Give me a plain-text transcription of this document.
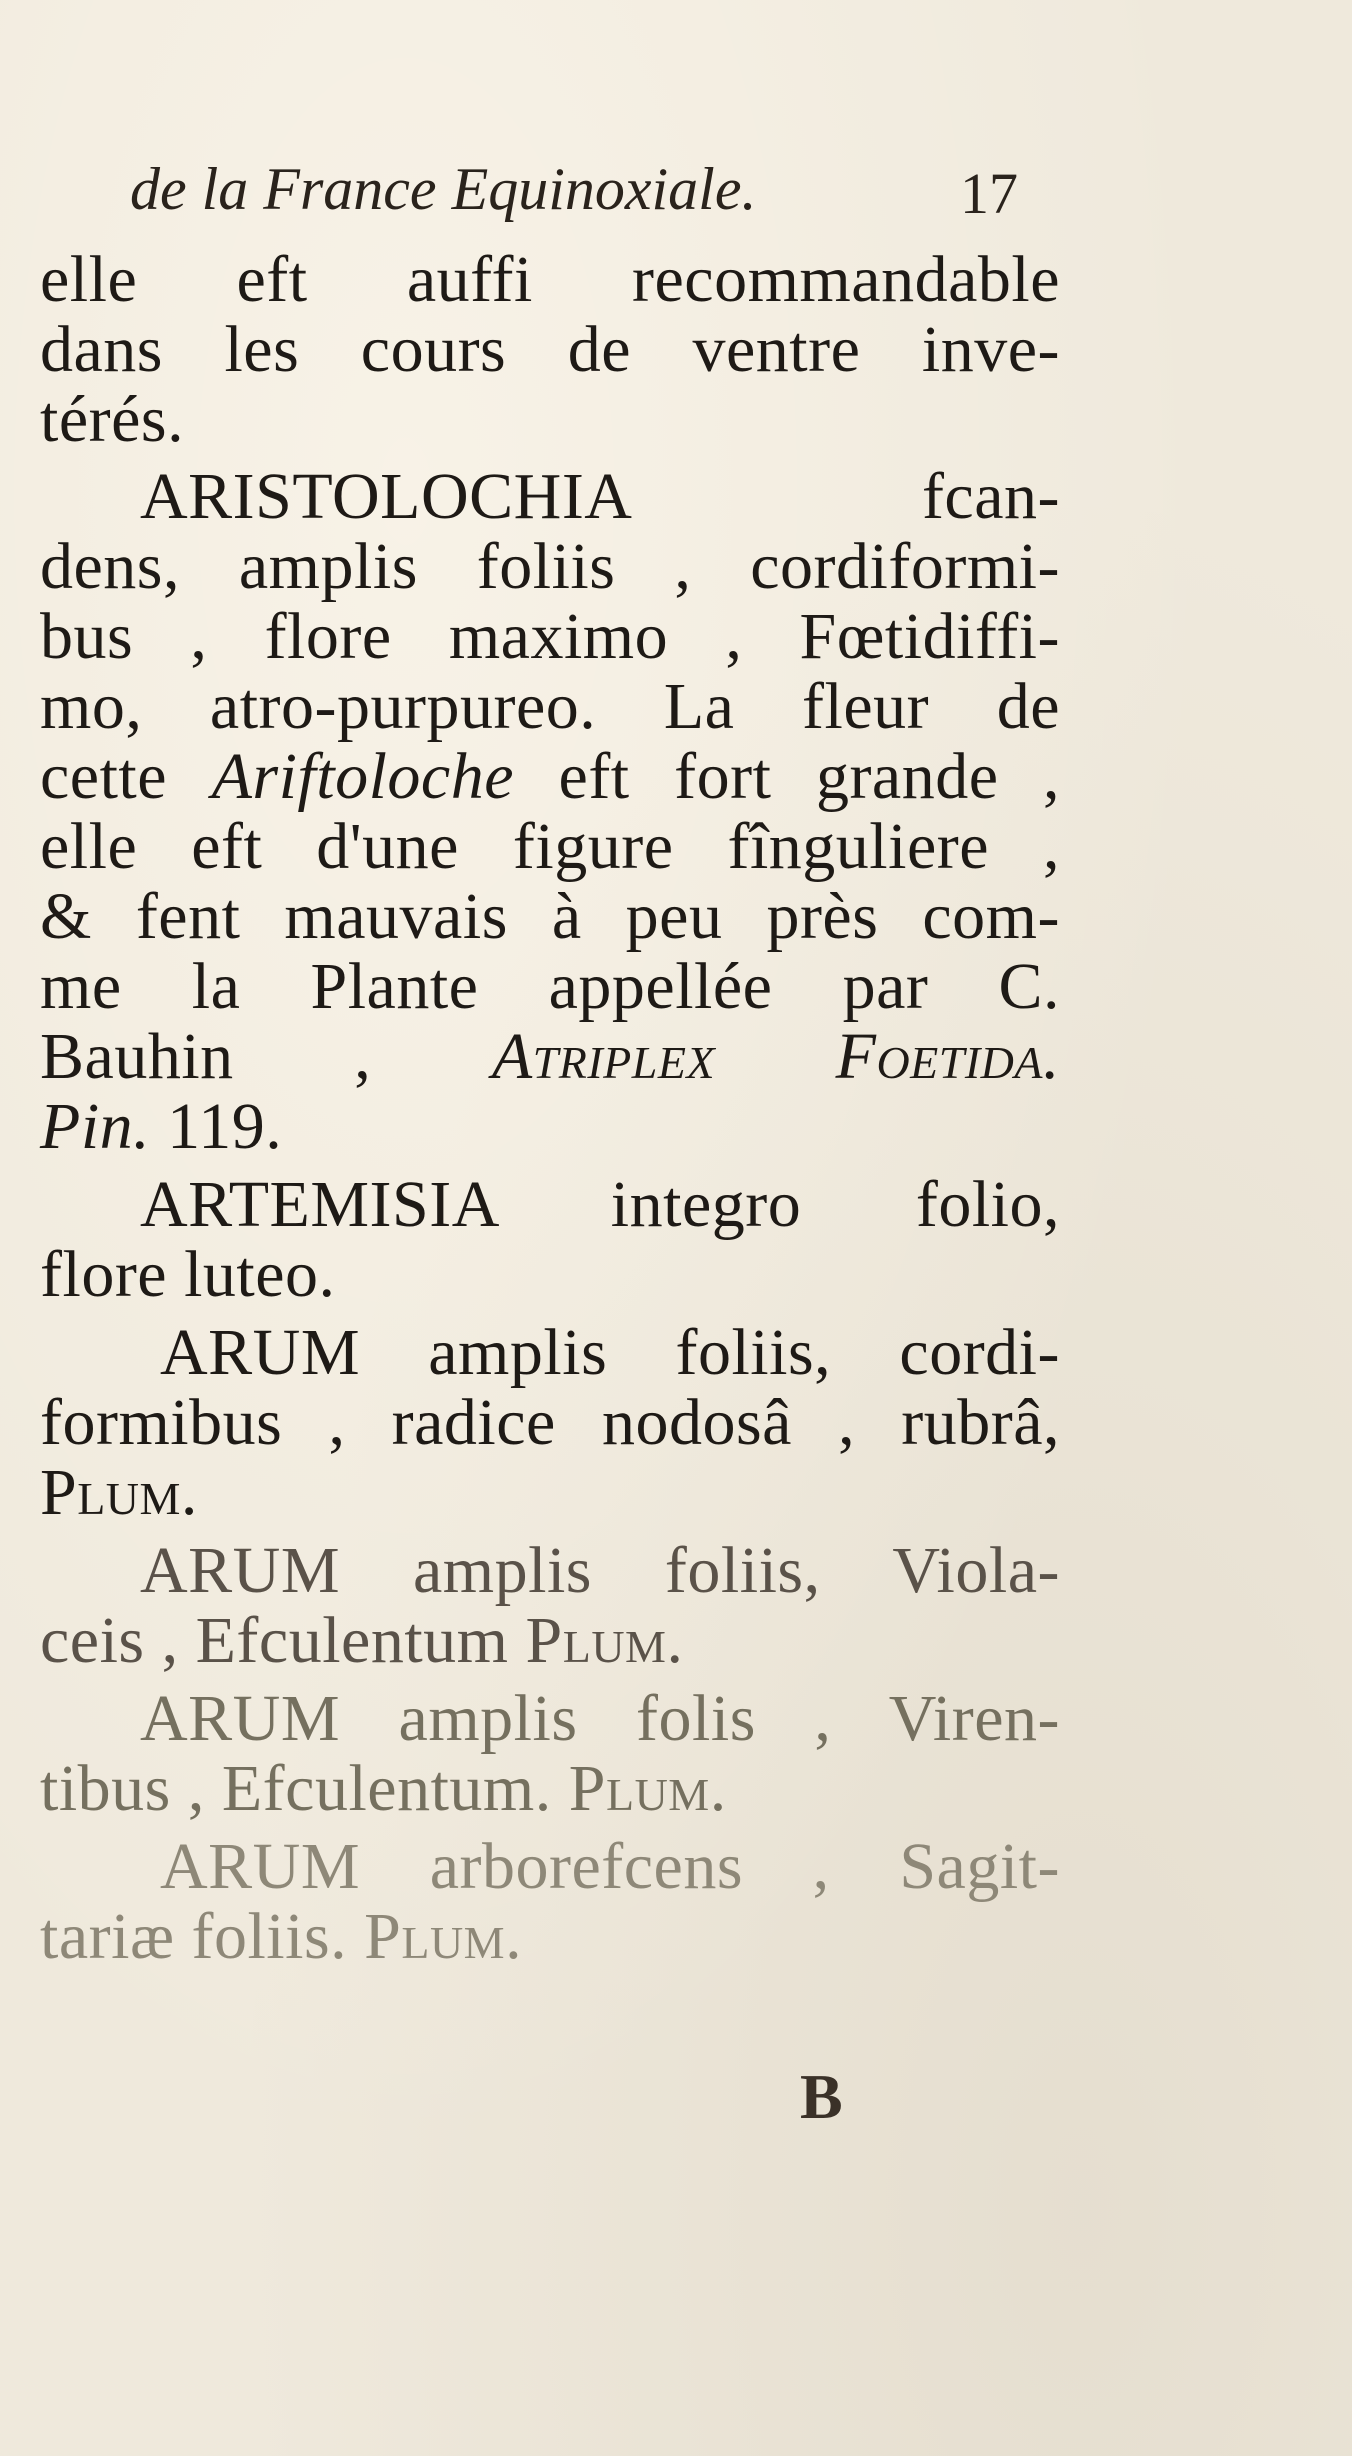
de la France Equinoxiale.	17
elle eft auffi recommandable
dans les cours de ventre inve-
térés.
ARISTOLOCHIA fcan-
dens, amplis foliis , cordiformi-
bus , flore maximo , Fœtidiffi-
mo, atro-purpureo. La fleur de
cette Ariftoloche eft fort grande ,
elle eft d'une figure fînguliere ,
& fent mauvais à peu près com-
me la Plante appellée par C.
Bauhin , Atriplex Foetida.
Pin. 119.
ARTEMISIA integro folio,
flore luteo.
ARUM amplis foliis, cordi-
formibus , radice nodosâ , rubrâ,
Plum.
ARUM amplis foliis, Viola-
ceis , Efculentum Plum.
ARUM amplis folis , Viren-
tibus , Efculentum. Plum.
ARUM arborefcens , Sagit-
tariæ foliis. Plum.
B
